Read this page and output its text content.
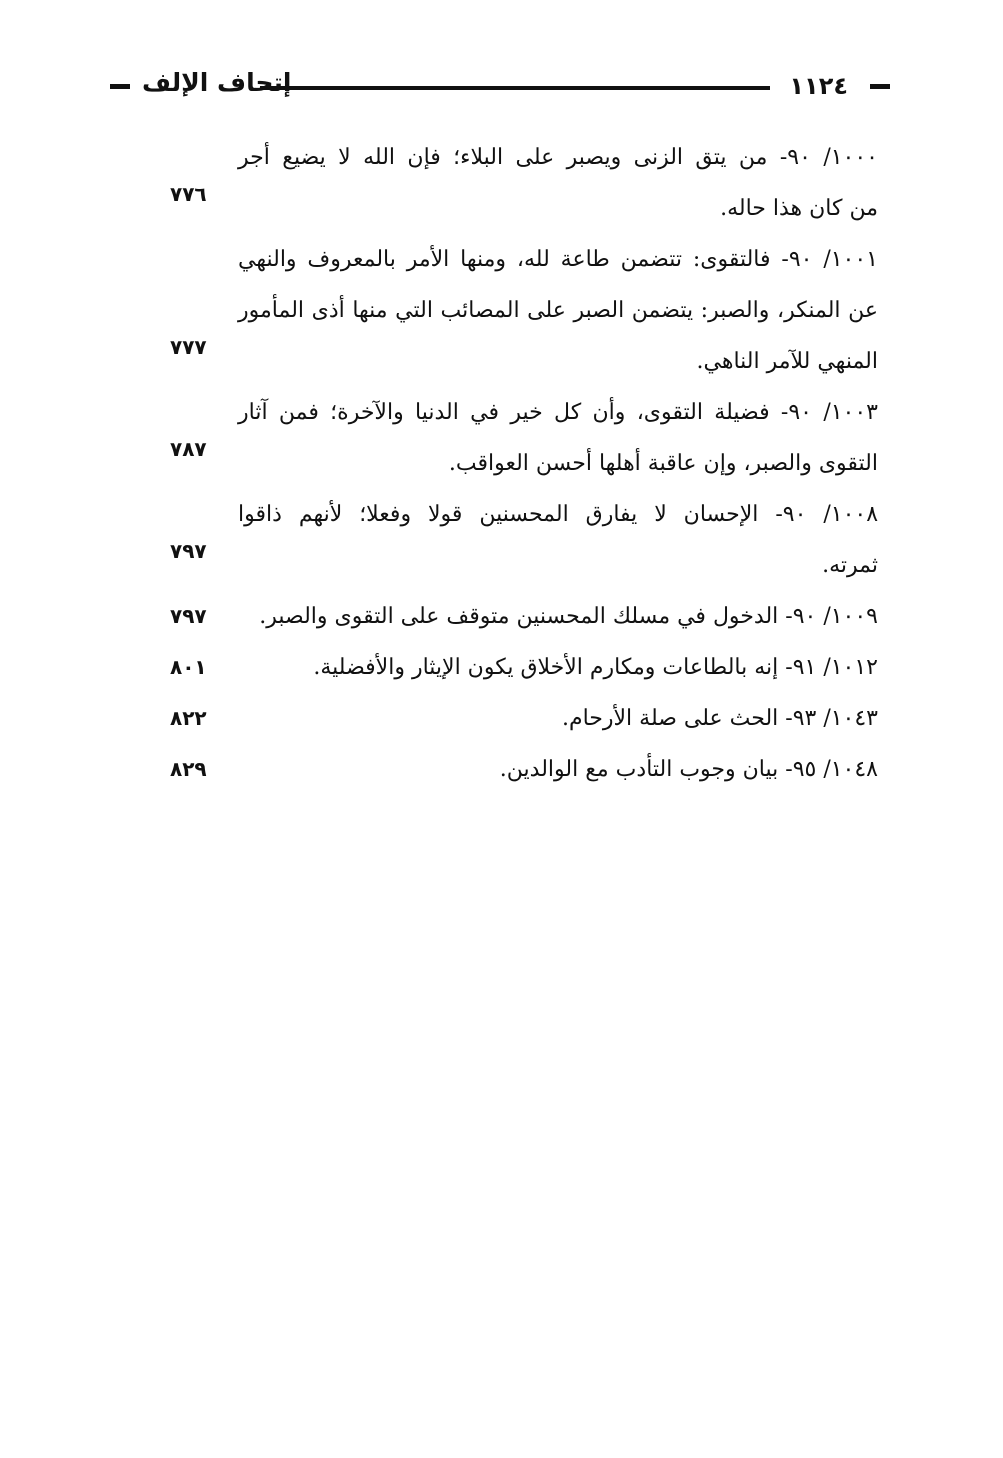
١١٢٤
إتحاف الإلف
١٠٠٠/ ٩٠- من يتق الزنى ويصبر على البلاء؛ فإن الله لا يضيع أجر
من كان هذا حاله.
٧٧٦
١٠٠١/ ٩٠- فالتقوى: تتضمن طاعة لله، ومنها الأمر بالمعروف والنهي
عن المنكر، والصبر: يتضمن الصبر على المصائب التي منها أذى المأمور
المنهي للآمر الناهي.
٧٧٧
١٠٠٣/ ٩٠- فضيلة التقوى، وأن كل خير في الدنيا والآخرة؛ فمن آثار
التقوى والصبر، وإن عاقبة أهلها أحسن العواقب.
٧٨٧
١٠٠٨/ ٩٠- الإحسان لا يفارق المحسنين قولا وفعلا؛ لأنهم ذاقوا
ثمرته.
٧٩٧
١٠٠٩/ ٩٠- الدخول في مسلك المحسنين متوقف على التقوى والصبر.
٧٩٧
١٠١٢/ ٩١- إنه بالطاعات ومكارم الأخلاق يكون الإيثار والأفضلية.
٨٠١
١٠٤٣/ ٩٣- الحث على صلة الأرحام.
٨٢٢
١٠٤٨/ ٩٥- بيان وجوب التأدب مع الوالدين.
٨٢٩
